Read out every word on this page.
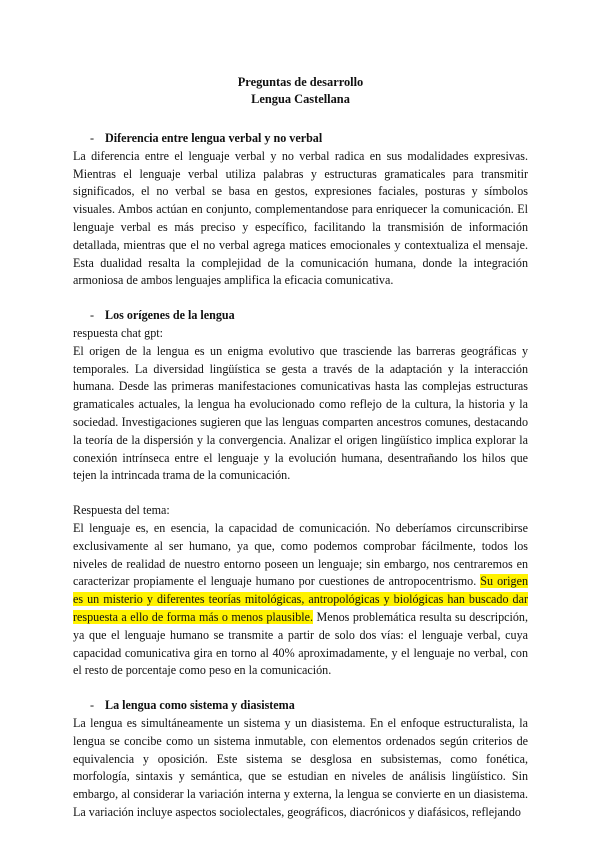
Preguntas de desarrollo
Lengua Castellana
- Diferencia entre lengua verbal y no verbal

La diferencia entre el lenguaje verbal y no verbal radica en sus modalidades expresivas. Mientras el lenguaje verbal utiliza palabras y estructuras gramaticales para transmitir significados, el no verbal se basa en gestos, expresiones faciales, posturas y símbolos visuales. Ambos actúan en conjunto, complementandose para enriquecer la comunicación. El lenguaje verbal es más preciso y específico, facilitando la transmisión de información detallada, mientras que el no verbal agrega matices emocionales y contextualiza el mensaje. Esta dualidad resalta la complejidad de la comunicación humana, donde la integración armoniosa de ambos lenguajes amplifica la eficacia comunicativa.

- Los orígenes de la lengua

respuesta chat gpt:

El origen de la lengua es un enigma evolutivo que trasciende las barreras geográficas y temporales. La diversidad lingüística se gesta a través de la adaptación y la interacción humana. Desde las primeras manifestaciones comunicativas hasta las complejas estructuras gramaticales actuales, la lengua ha evolucionado como reflejo de la cultura, la historia y la sociedad. Investigaciones sugieren que las lenguas comparten ancestros comunes, destacando la teoría de la dispersión y la convergencia. Analizar el origen lingüístico implica explorar la conexión intrínseca entre el lenguaje y la evolución humana, desentrañando los hilos que tejen la intrincada trama de la comunicación.

Respuesta del tema:

El lenguaje es, en esencia, la capacidad de comunicación. No deberíamos circunscribirse exclusivamente al ser humano, ya que, como podemos comprobar fácilmente, todos los niveles de realidad de nuestro entorno poseen un lenguaje; sin embargo, nos centraremos en caracterizar propiamente el lenguaje humano por cuestiones de antropocentrismo. Su origen es un misterio y diferentes teorías mitológicas, antropológicas y biológicas han buscado dar respuesta a ello de forma más o menos plausible. Menos problemática resulta su descripción, ya que el lenguaje humano se transmite a partir de solo dos vías: el lenguaje verbal, cuya capacidad comunicativa gira en torno al 40% aproximadamente, y el lenguaje no verbal, con el resto de porcentaje como peso en la comunicación.

- La lengua como sistema y diasistema

La lengua es simultáneamente un sistema y un diasistema. En el enfoque estructuralista, la lengua se concibe como un sistema inmutable, con elementos ordenados según criterios de equivalencia y oposición. Este sistema se desglosa en subsistemas, como fonética, morfología, sintaxis y semántica, que se estudian en niveles de análisis lingüístico. Sin embargo, al considerar la variación interna y externa, la lengua se convierte en un diasistema. La variación incluye aspectos sociolectales, geográficos, diacrónicos y diafásicos, reflejando
